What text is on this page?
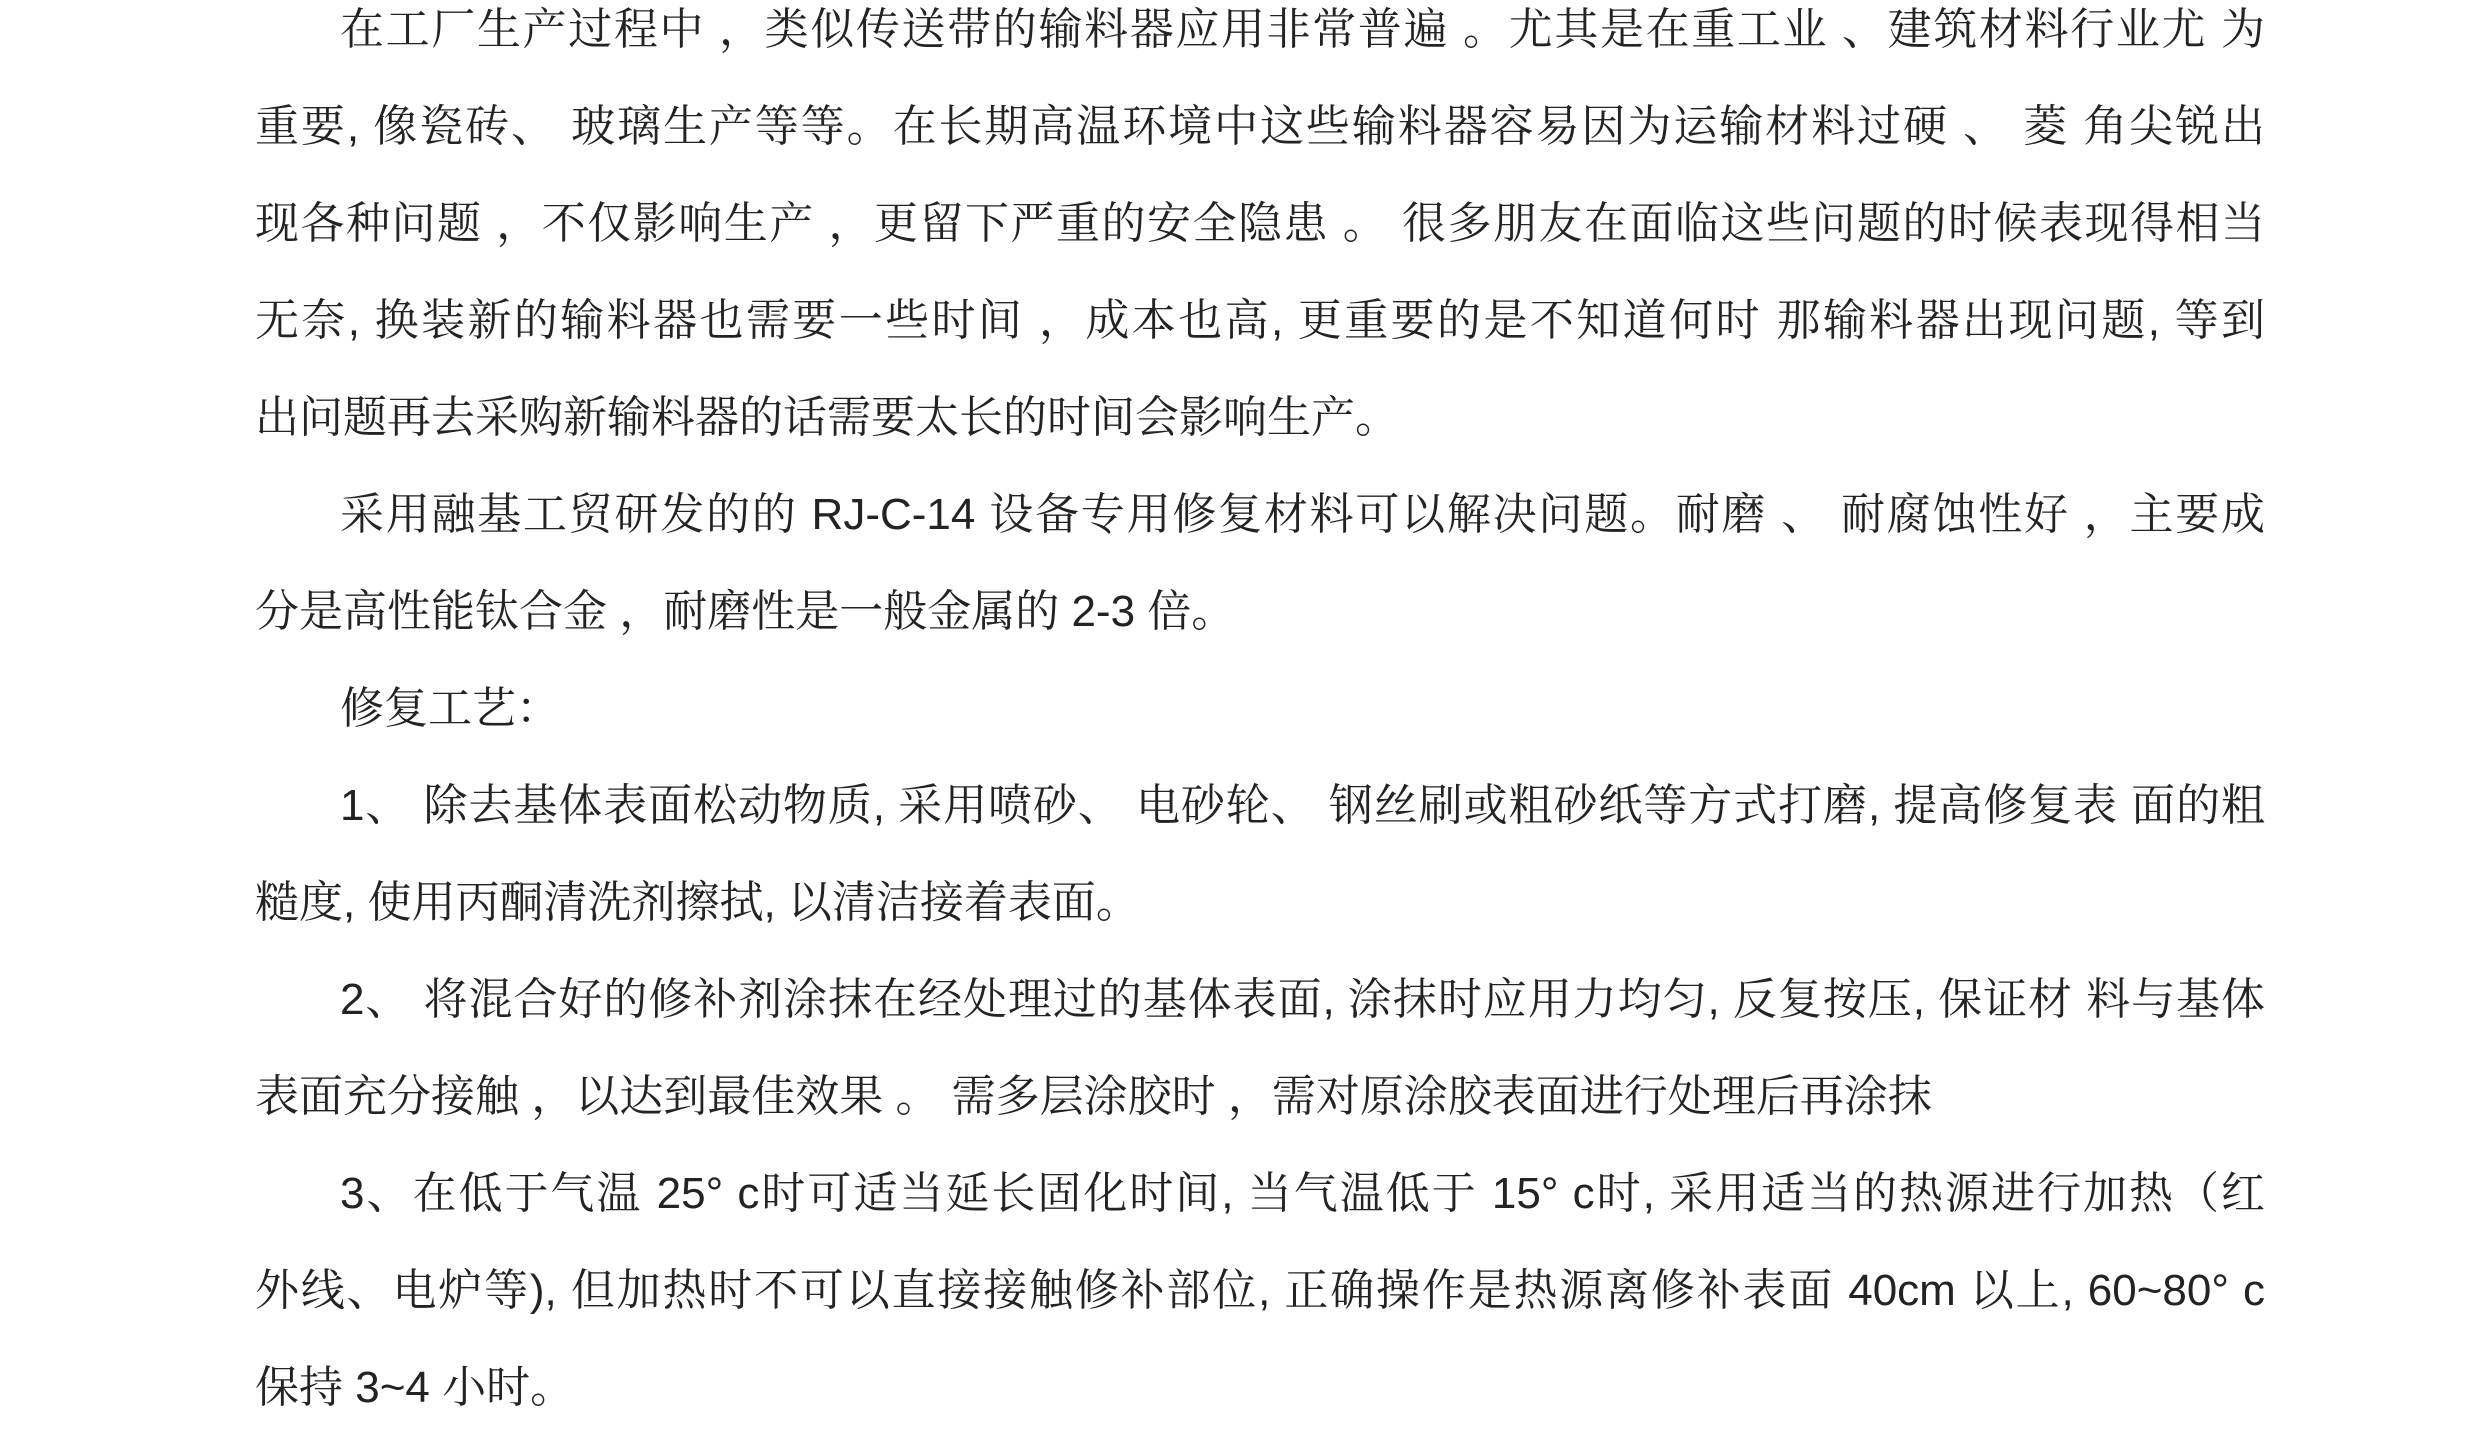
在工厂生产过程中 ，类似传送带的输料器应用非常普遍 。尤其是在重工业 、建筑材料行业尤 为
重要, 像瓷砖、 玻璃生产等等。在长期高温环境中这些输料器容易因为运输材料过硬 、 菱 角尖锐出
现各种问题 ，不仅影响生产 ，更留下严重的安全隐患 。 很多朋友在面临这些问题的时候表现得相当
无奈, 换装新的输料器也需要一些时间 ，成本也高, 更重要的是不知道何时 那输料器出现问题, 等到
出问题再去采购新输料器的话需要太长的时间会影响生产。
采用融基工贸研发的的 RJ-C-14 设备专用修复材料可以解决问题。耐磨 、 耐腐蚀性好 ，主要成
分是高性能钛合金 ，耐磨性是一般金属的 2-3 倍。
修复工艺：
1、 除去基体表面松动物质, 采用喷砂、 电砂轮、 钢丝刷或粗砂纸等方式打磨, 提高修复表 面的粗
糙度, 使用丙酮清洗剂擦拭, 以清洁接着表面。
2、 将混合好的修补剂涂抹在经处理过的基体表面, 涂抹时应用力均匀, 反复按压, 保证材 料与基体
表面充分接触 ，以达到最佳效果 。 需多层涂胶时 ，需对原涂胶表面进行处理后再涂抹
3、在低于气温 25° c时可适当延长固化时间, 当气温低于 15° c时, 采用适当的热源进行加热（红
外线、电炉等), 但加热时不可以直接接触修补部位, 正确操作是热源离修补表面 40cm 以上, 60~80° c
保持 3~4 小时。
